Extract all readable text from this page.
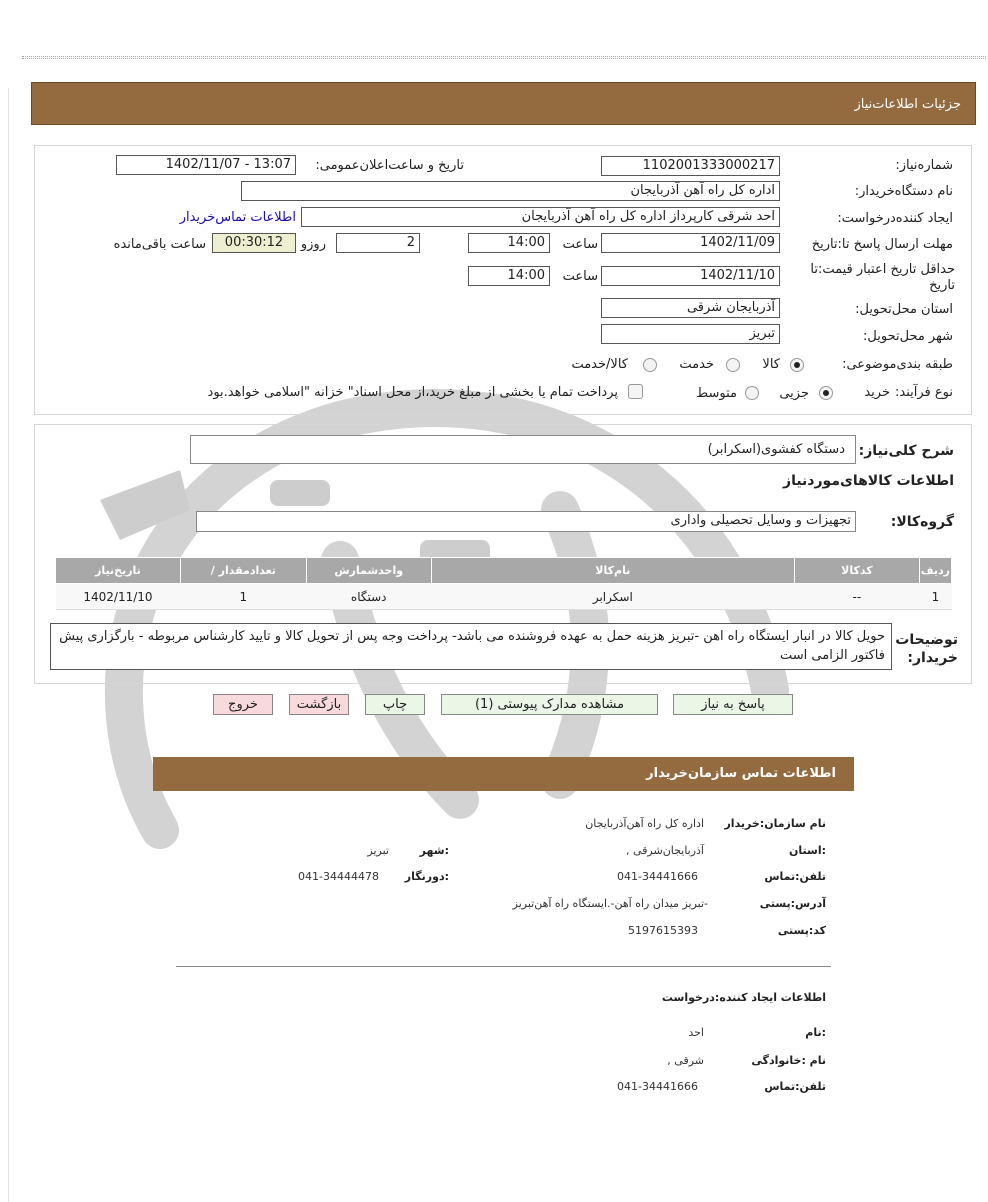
جزئیات اطلاعات‌نیاز
شماره‌نیاز:
1102001333000217
تاریخ و ساعت‌اعلان‌عمومی:
1402/11/07 - 13:07
نام دستگاه‌خریدار:
اداره کل راه آهن آذربایجان
ایجاد کننده‌درخواست:
احد شرقی کارپرداز اداره کل راه آهن آذربایجان
اطلاعات تماس‌خریدار
مهلت ارسال پاسخ تا:تاریخ
1402/11/09
ساعت
14:00
2
روزو
00:30:12
ساعت باقی‌مانده
حداقل تاریخ اعتبار قیمت:تا تاریخ
1402/11/10
ساعت
14:00
استان محل‌تحویل:
آذربایجان شرقی
شهر محل‌تحویل:
تبریز
طبقه بندی‌موضوعی:
کالا
خدمت
کالا/خدمت
نوع فرآیند:
خرید
جزیی
متوسط
پرداخت تمام یا بخشی از مبلغ خرید،از محل اسناد" خزانه "اسلامی خواهد.بود
شرح کلی‌نیاز:
دستگاه کفشوی(اسکرابر)
اطلاعات کالاهای‌موردنیاز
گروه‌کالا:
تجهیزات و وسایل تحصیلی واداری
ردیف	کدکالا	نام‌کالا	واحدشمارش	تعدادمقدار /	تاریخ‌نیاز
1	--	اسکرابر	دستگاه	1	1402/11/10
توضیحات خریدار:
حویل کالا در انبار ایستگاه راه اهن -تبریز هزینه حمل به عهده فروشنده می باشد- پرداخت وجه پس از تحویل کالا و تایید کارشناس مربوطه - بارگزاری پیش فاکتور الزامی است
پاسخ به نیاز
مشاهده مدارک پیوستی (1)
چاپ
بازگشت
خروج
اطلاعات تماس سازمان‌خریدار
نام سازمان:خریدار
اداره کل راه آهن‌آذربایجان
:استان
آذربایجان‌شرقی ,
:شهر
تبریز
تلفن:تماس
041-34441666
:دورنگار
041-34444478
آدرس:پستی
-تبریز میدان راه آهن-.ایستگاه راه آهن‌تبریز
کد:پستی
5197615393
اطلاعات ایجاد کننده:درخواست
:نام
احد
نام :خانوادگی
شرقی ,
تلفن:تماس
041-34441666
